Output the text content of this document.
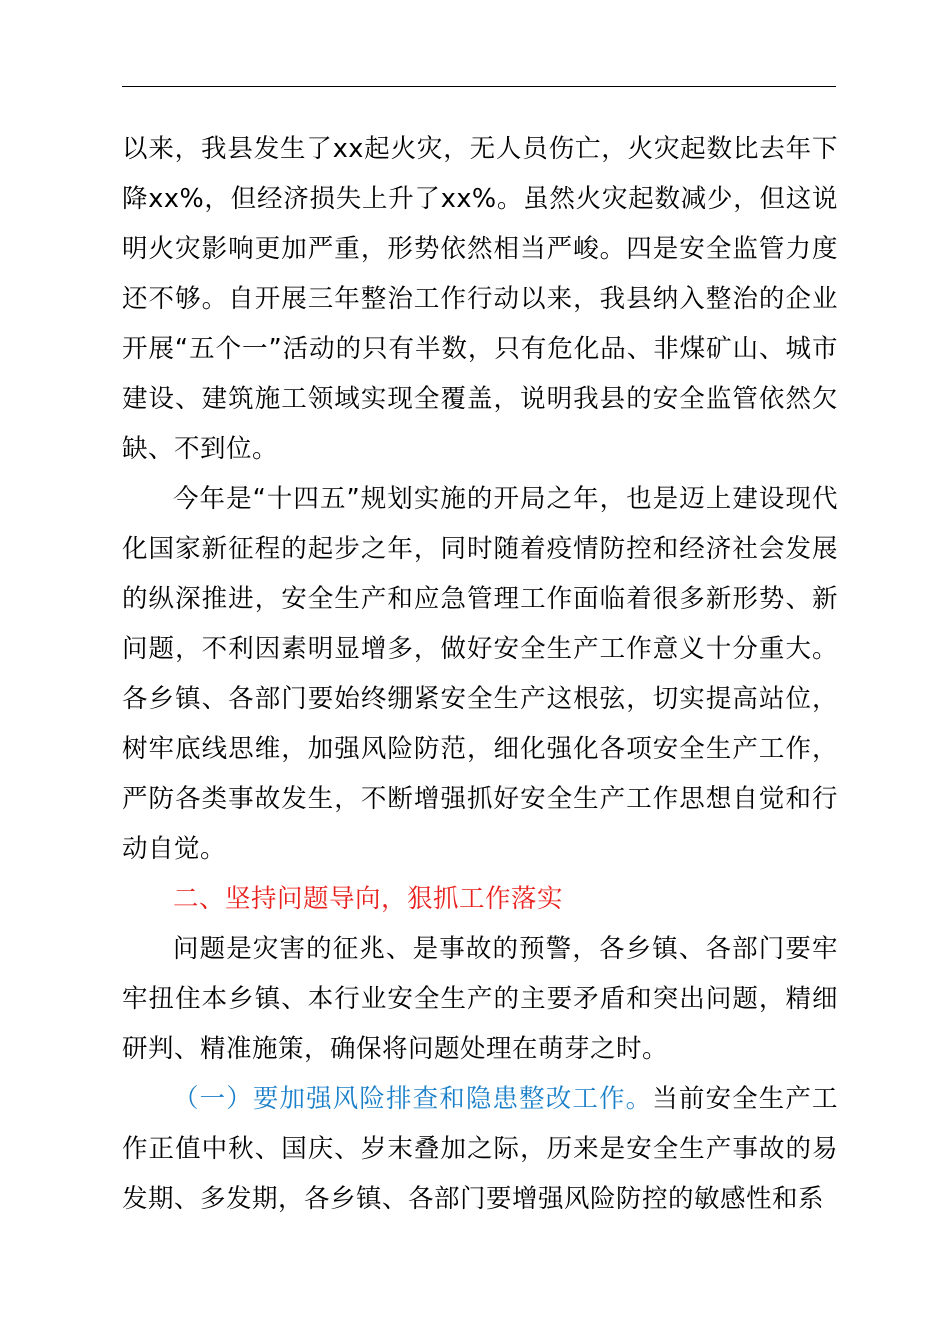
以来，我县发生了xx起火灾，无人员伤亡，火灾起数比去年下降xx%，但经济损失上升了xx%。虽然火灾起数减少，但这说明火灾影响更加严重，形势依然相当严峻。四是安全监管力度还不够。自开展三年整治工作行动以来，我县纳入整治的企业开展“五个一”活动的只有半数，只有危化品、非煤矿山、城市建设、建筑施工领域实现全覆盖，说明我县的安全监管依然欠缺、不到位。

今年是“十四五”规划实施的开局之年，也是迈上建设现代化国家新征程的起步之年，同时随着疫情防控和经济社会发展的纵深推进，安全生产和应急管理工作面临着很多新形势、新问题，不利因素明显增多，做好安全生产工作意义十分重大。各乡镇、各部门要始终绷紧安全生产这根弦，切实提高站位，树牢底线思维，加强风险防范，细化强化各项安全生产工作，严防各类事故发生，不断增强抓好安全生产工作思想自觉和行动自觉。

二、坚持问题导向，狠抓工作落实

问题是灾害的征兆、是事故的预警，各乡镇、各部门要牢牢扭住本乡镇、本行业安全生产的主要矛盾和突出问题，精细研判、精准施策，确保将问题处理在萌芽之时。

（一）要加强风险排查和隐患整改工作。当前安全生产工作正值中秋、国庆、岁末叠加之际，历来是安全生产事故的易发期、多发期，各乡镇、各部门要增强风险防控的敏感性和系
